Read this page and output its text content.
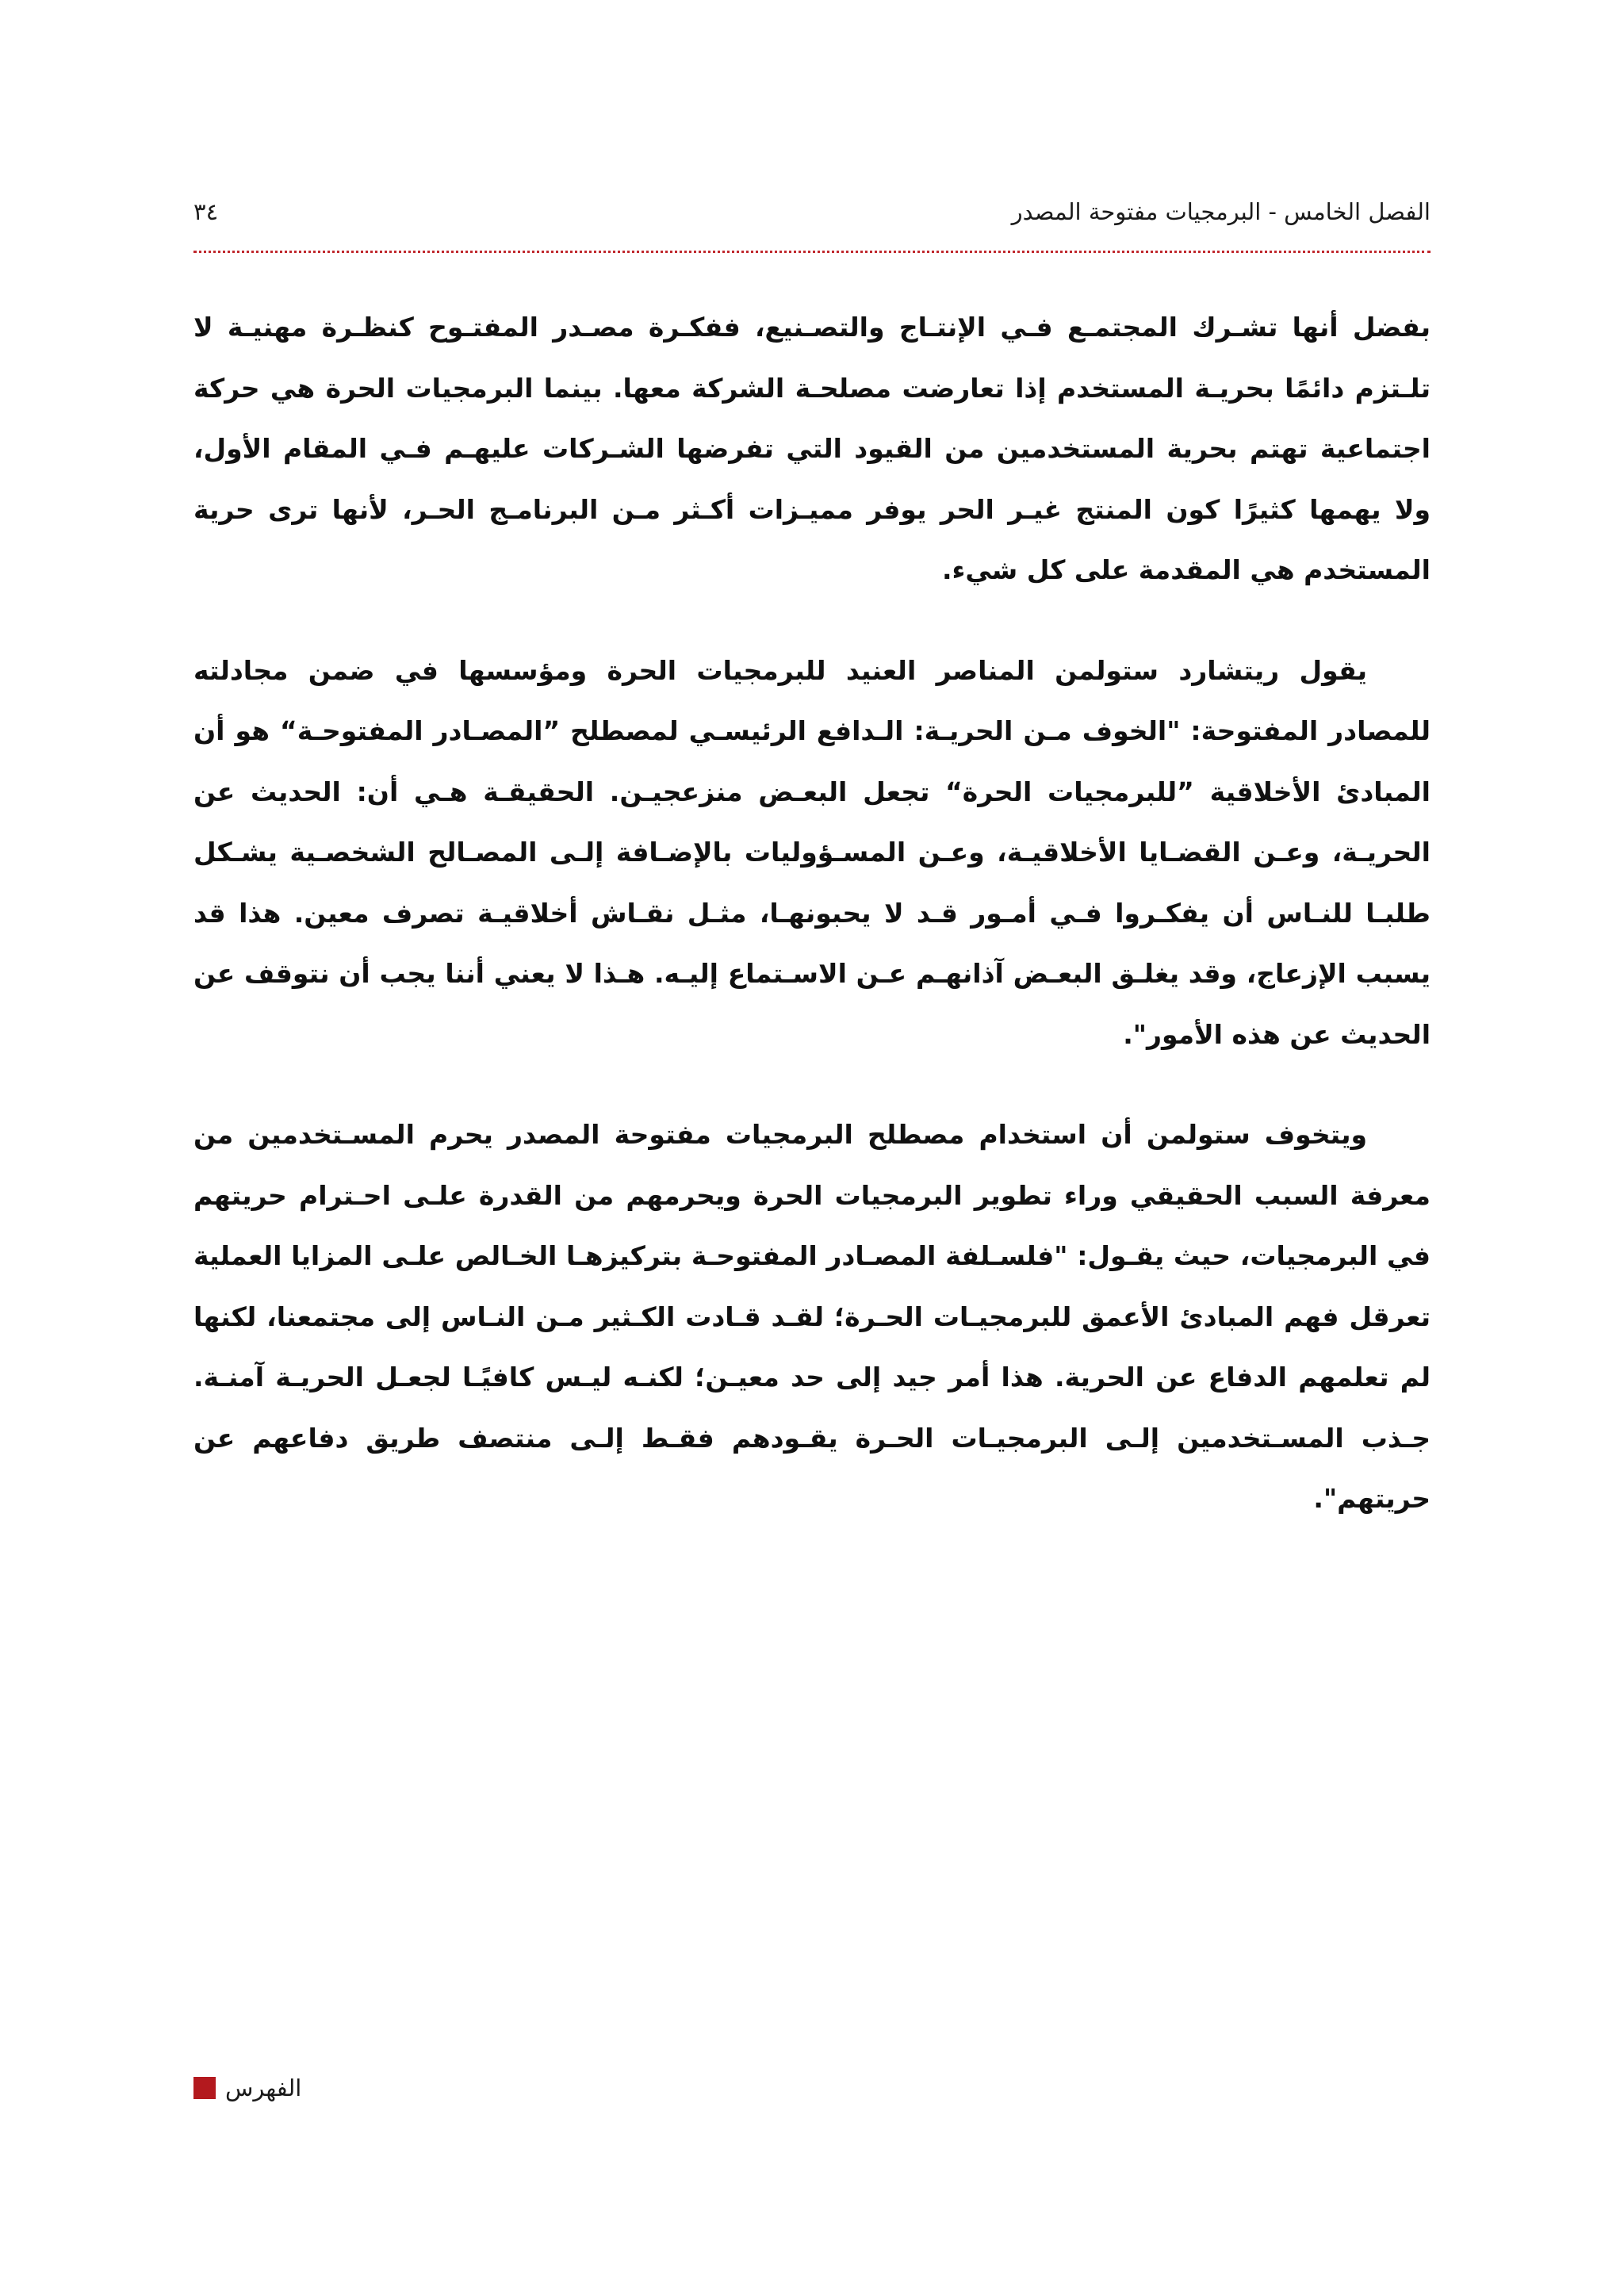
٣٤	الفصل الخامس - البرمجيات مفتوحة المصدر

بفضل أنها تشـرك المجتمـع فـي الإنتـاج والتصـنيع، ففكـرة مصـدر المفتـوح كنظـرة مهنيـة لا تلـتزم دائمًا بحريـة المستخدم إذا تعارضت مصلحـة الشركة معها. بينما البرمجيات الحرة هي حركة اجتماعية تهتم بحرية المستخدمين من القيود التي تفرضها الشـركات عليهـم فـي المقام الأول، ولا يهمها كثيرًا كون المنتج غيـر الحر يوفر مميـزات أكـثر مـن البرنامـج الحـر، لأنها ترى حرية المستخدم هي المقدمة على كل شيء.

يقول ريتشارد ستولمن المناصر العنيد للبرمجيات الحرة ومؤسسها في ضمن مجادلته للمصادر المفتوحة: "الخوف مـن الحريـة: الـدافع الرئيسـي لمصطلح ”المصـادر المفتوحـة“ هو أن المبادئ الأخلاقية ”للبرمجيات الحرة“ تجعل البعـض منزعجيـن. الحقيقـة هـي أن: الحديث عن الحريـة، وعـن القضـايا الأخلاقيـة، وعـن المسـؤوليات بالإضـافة إلـى المصـالح الشخصـية يشـكل طلبـا للنـاس أن يفكـروا فـي أمـور قـد لا يحبونهـا، مثـل نقـاش أخلاقيـة تصرف معين. هذا قد يسبب الإزعاج، وقد يغلـق البعـض آذانهـم عـن الاسـتماع إليـه. هـذا لا يعني أننا يجب أن نتوقف عن الحديث عن هذه الأمور".

ويتخوف ستولمن أن استخدام مصطلح البرمجيات مفتوحة المصدر يحرم المسـتخدمين من معرفة السبب الحقيقي وراء تطوير البرمجيات الحرة ويحرمهم من القدرة علـى احـترام حريتهم في البرمجيات، حيث يقـول: "فلسـلفة المصـادر المفتوحـة بتركيزهـا الخـالص علـى المزايا العملية تعرقل فهم المبادئ الأعمق للبرمجيـات الحـرة؛ لقـد قـادت الكـثير مـن النـاس إلى مجتمعنا، لكنها لم تعلمهم الدفاع عن الحرية. هذا أمر جيد إلى حد معيـن؛ لكنـه ليـس كافيًـا لجعـل الحريـة آمنـة. جـذب المسـتخدمين إلـى البرمجيـات الحـرة يقـودهم فقـط إلـى منتصف طريق دفاعهم عن حريتهم".

الفهرس
